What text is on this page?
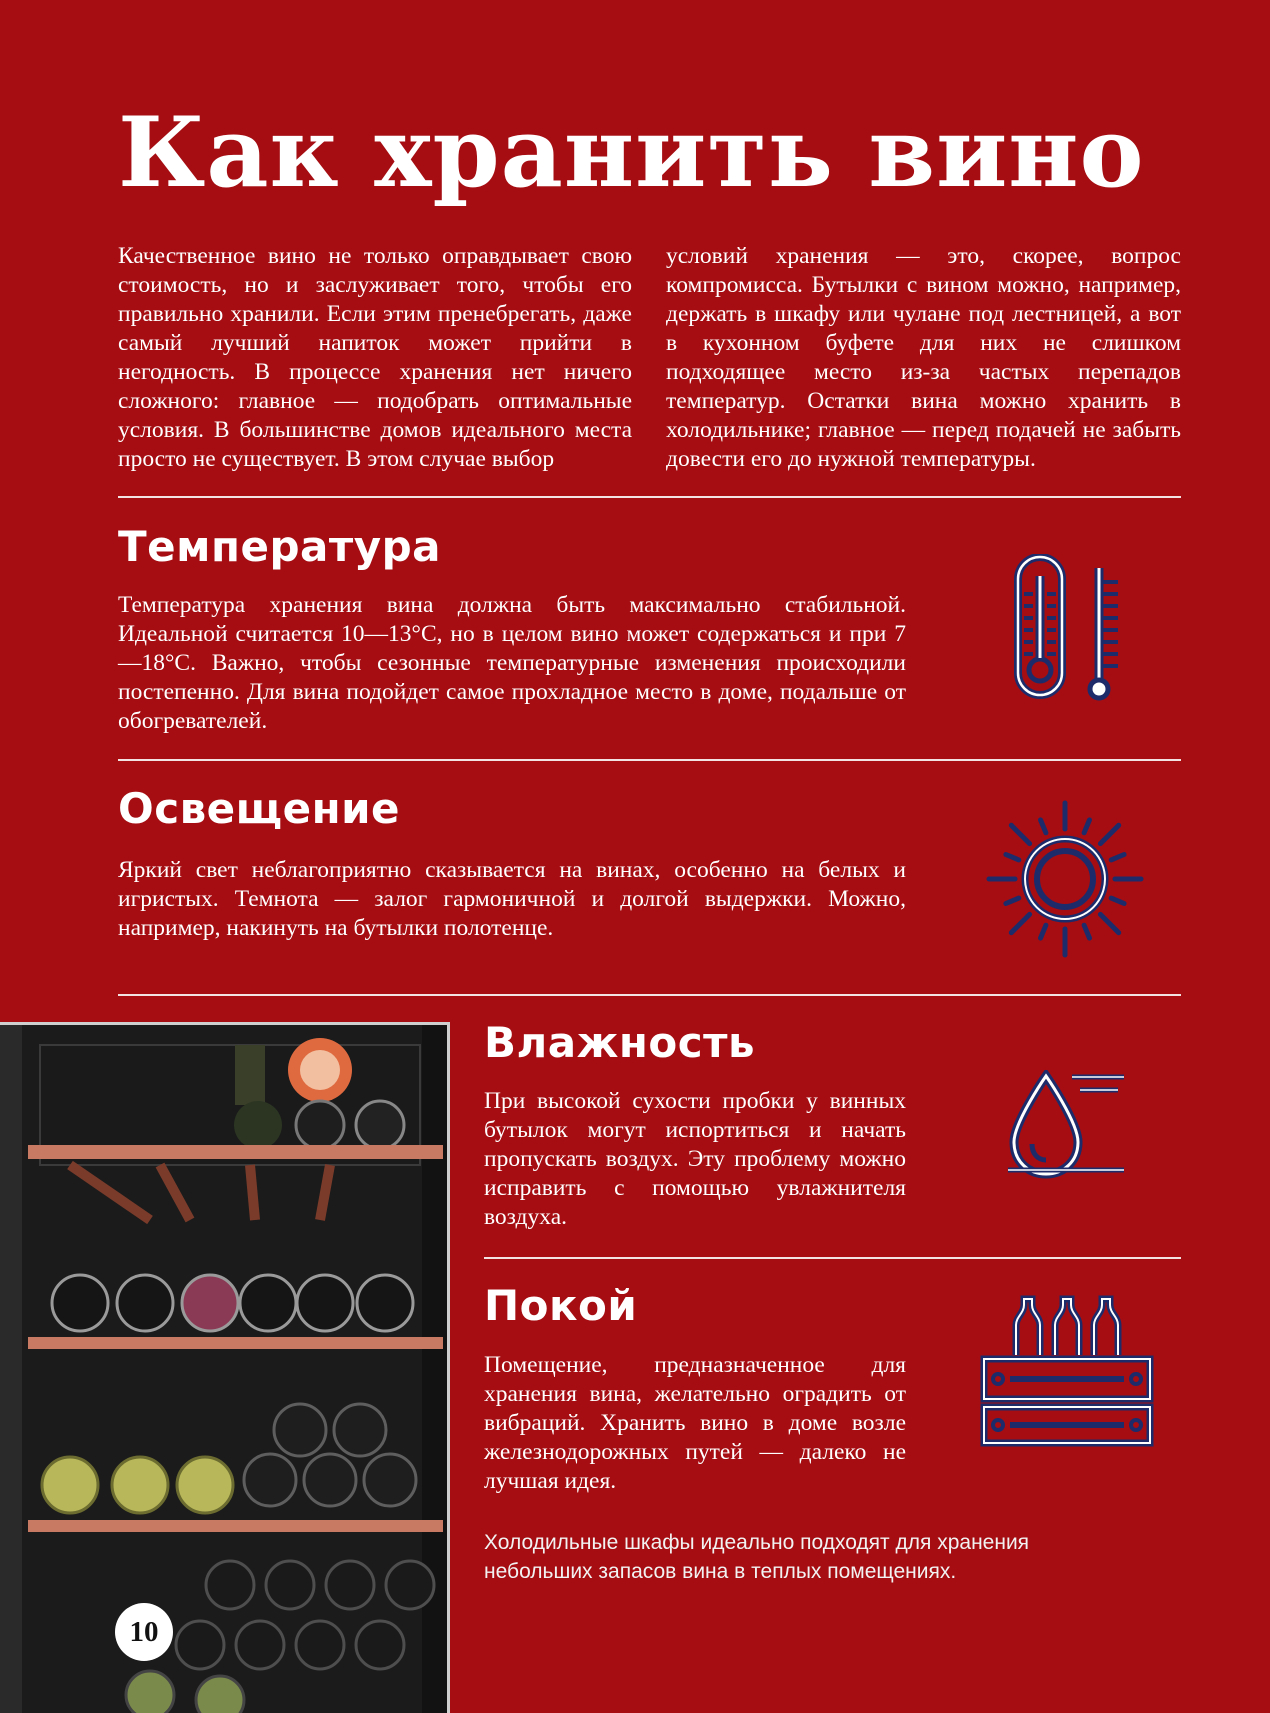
Как хранить вино

Качественное вино не только оправдывает свою стоимость, но и заслуживает того, чтобы его правильно хранили. Если этим пренебрегать, даже самый лучший напиток может прийти в негодность. В процессе хранения нет ничего сложного: главное — подобрать оптимальные условия. В большинстве домов идеального места просто не существует. В этом случае выбор

условий хранения — это, скорее, вопрос компромисса. Бутылки с вином можно, например, держать в шкафу или чулане под лестницей, а вот в кухонном буфете для них не слишком подходящее место из-за частых перепадов температур. Остатки вина можно хранить в холодильнике; главное — перед подачей не забыть довести его до нужной температуры.

Температура

Температура хранения вина должна быть максимально стабильной. Идеальной считается 10—13°С, но в целом вино может содержаться и при 7—18°С. Важно, чтобы сезонные температурные изменения происходили постепенно. Для вина подойдет самое прохладное место в доме, подальше от обогревателей.

Освещение

Яркий свет неблагоприятно сказывается на винах, особенно на белых и игристых. Темнота — залог гармоничной и долгой выдержки. Можно, например, накинуть на бутылки полотенце.

10
Влажность

При высокой сухости пробки у винных бутылок могут испортиться и начать пропускать воздух. Эту проблему можно исправить с помощью увлажнителя воздуха.

Покой

Помещение, предназначенное для хранения вина, желательно оградить от вибраций. Хранить вино в доме возле железнодорожных путей — далеко не лучшая идея.

Холодильные шкафы идеально подходят для хранения небольших запасов вина в теплых помещениях.
